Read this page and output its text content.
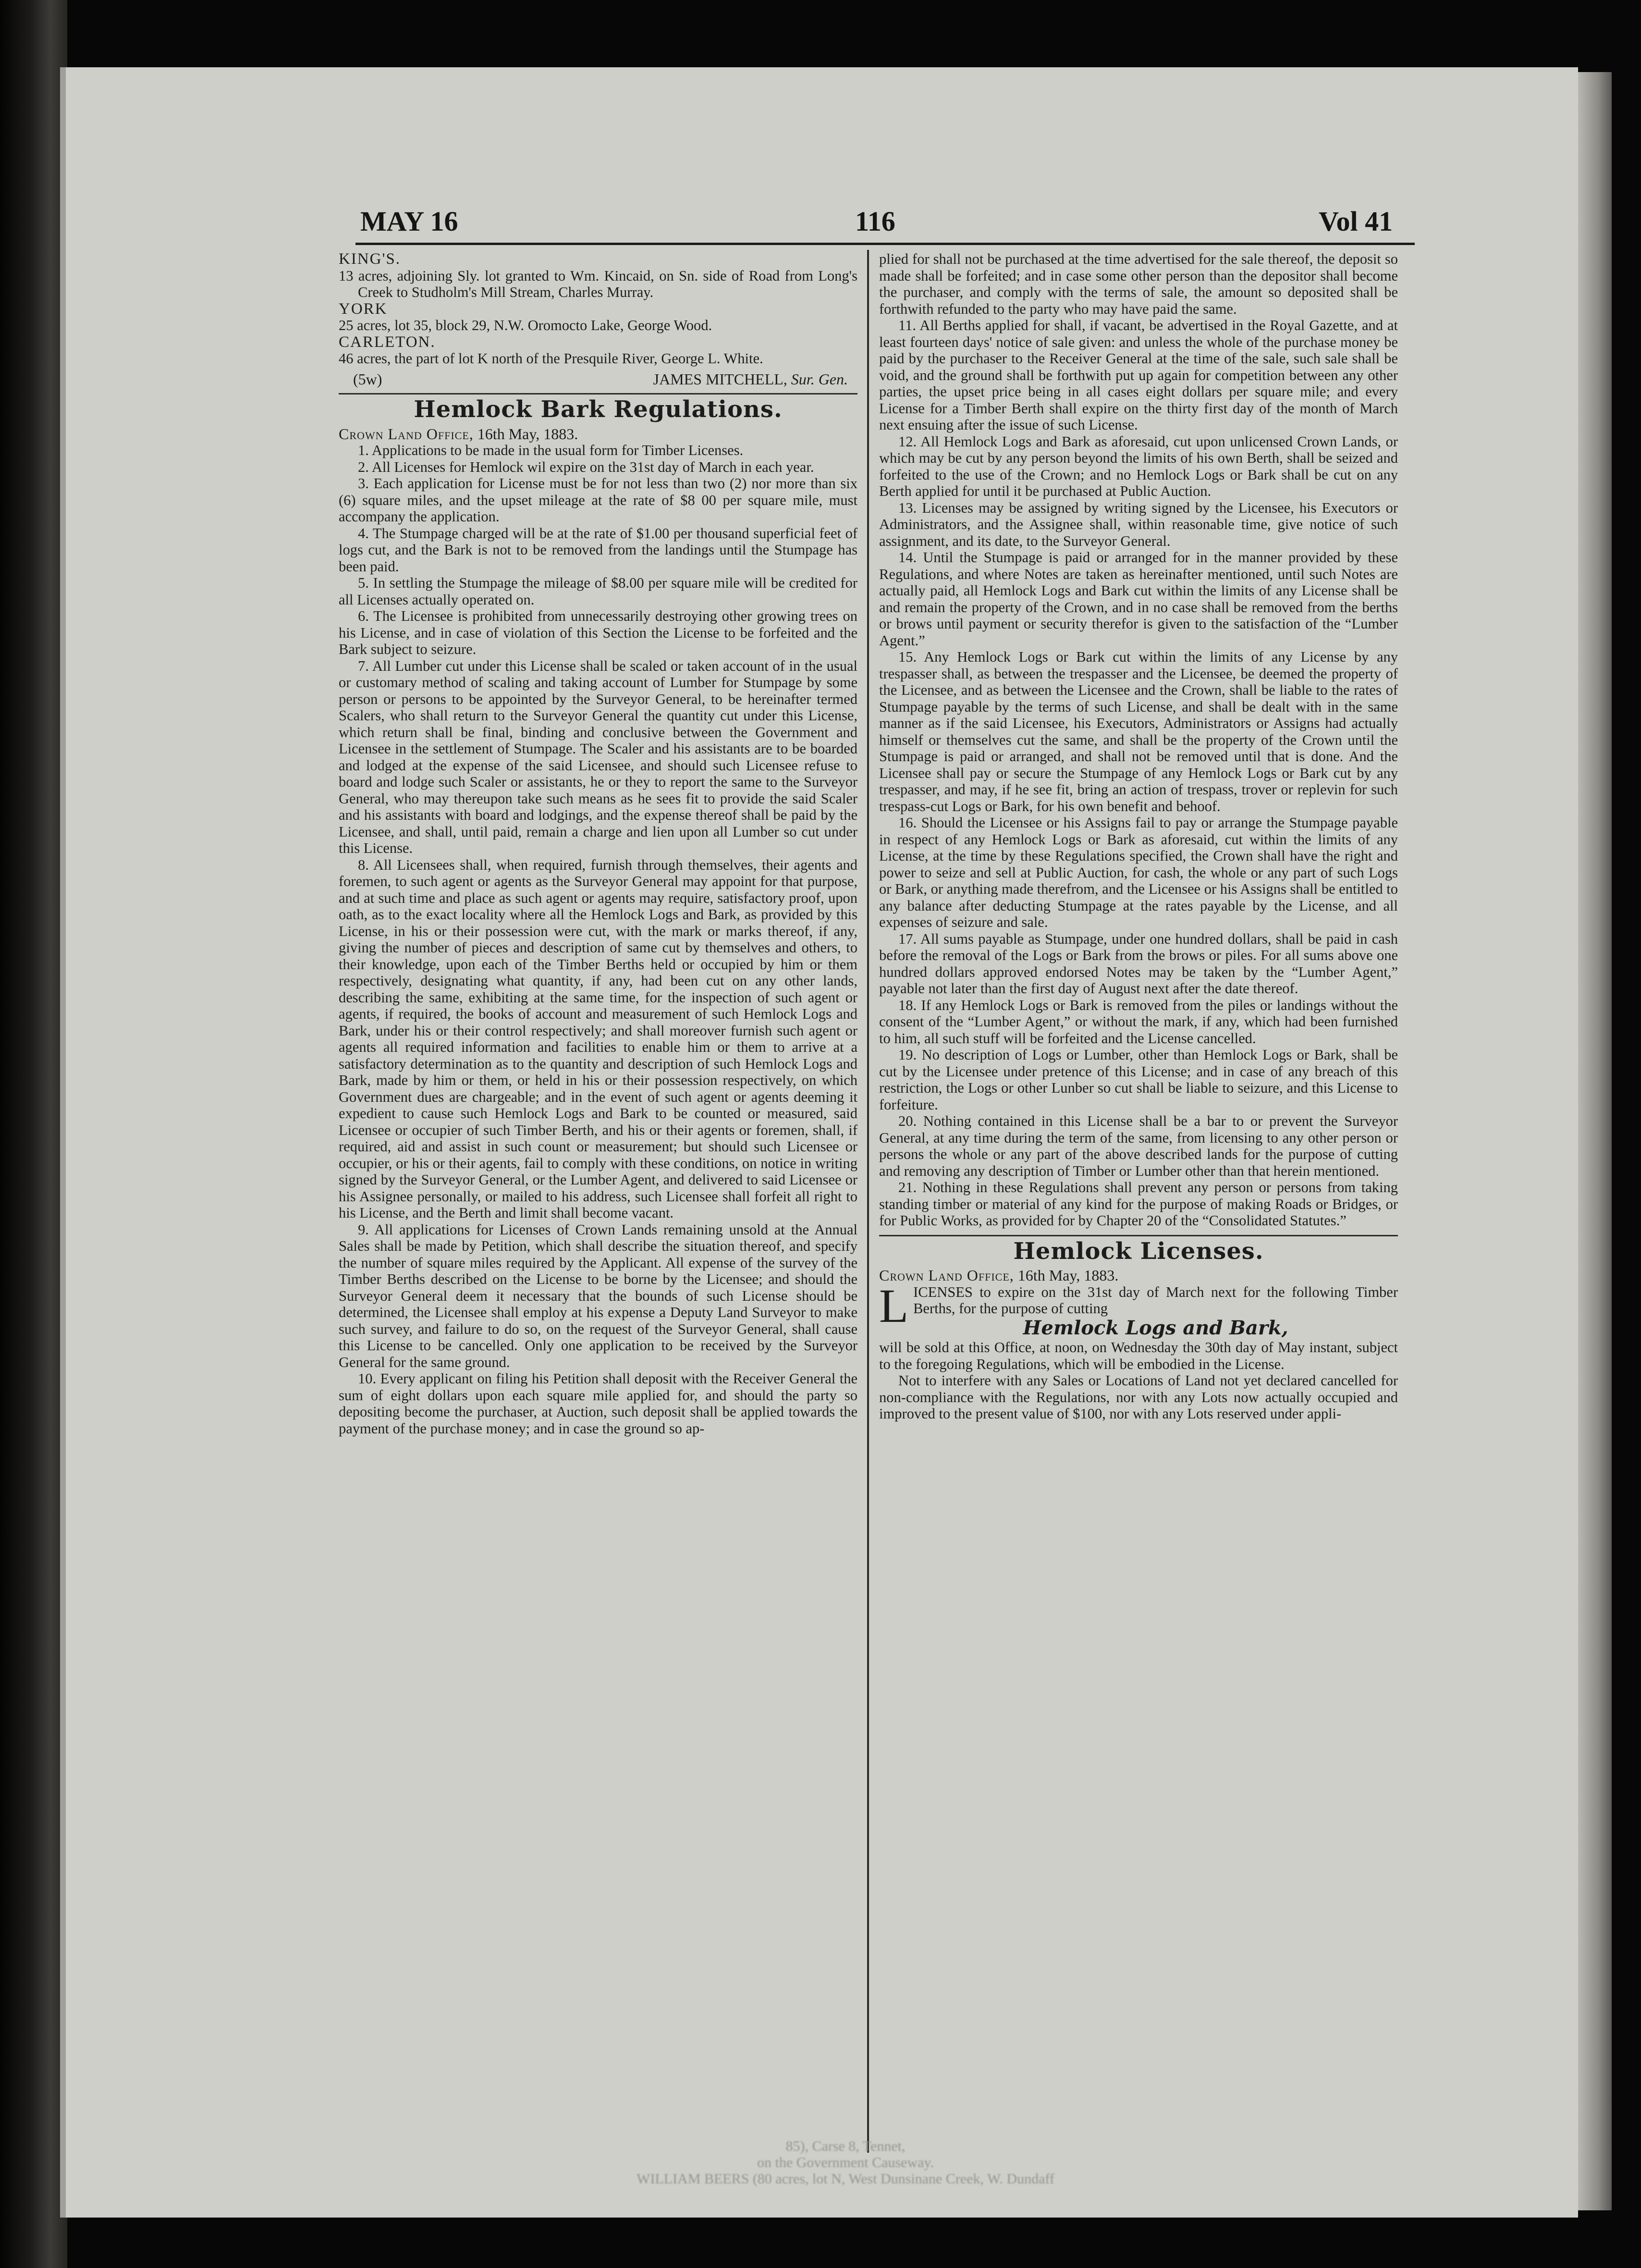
MAY 16	116	Vol 41

KING'S.

13 acres, adjoining Sly. lot granted to Wm. Kincaid, on Sn. side of Road from Long's Creek to Studholm's Mill Stream, Charles Murray.

YORK

25 acres, lot 35, block 29, N.W. Oromocto Lake, George Wood.

CARLETON.

46 acres, the part of lot K north of the Presquile River, George L. White.

(5w)	JAMES MITCHELL, Sur. Gen.
Hemlock Bark Regulations.

Crown Land Office, 16th May, 1883.

1. Applications to be made in the usual form for Timber Licenses.

2. All Licenses for Hemlock wil expire on the 31st day of March in each year.

3. Each application for License must be for not less than two (2) nor more than six (6) square miles, and the upset mileage at the rate of $8 00 per square mile, must accompany the application.

4. The Stumpage charged will be at the rate of $1.00 per thousand superficial feet of logs cut, and the Bark is not to be removed from the landings until the Stumpage has been paid.

5. In settling the Stumpage the mileage of $8.00 per square mile will be credited for all Licenses actually operated on.

6. The Licensee is prohibited from unnecessarily destroying other growing trees on his License, and in case of violation of this Section the License to be forfeited and the Bark subject to seizure.

7. All Lumber cut under this License shall be scaled or taken account of in the usual or customary method of scaling and taking account of Lumber for Stumpage by some person or persons to be appointed by the Surveyor General, to be hereinafter termed Scalers, who shall return to the Surveyor General the quantity cut under this License, which return shall be final, binding and conclusive between the Government and Licensee in the settlement of Stumpage. The Scaler and his assistants are to be boarded and lodged at the expense of the said Licensee, and should such Licensee refuse to board and lodge such Scaler or assistants, he or they to report the same to the Surveyor General, who may thereupon take such means as he sees fit to provide the said Scaler and his assistants with board and lodgings, and the expense thereof shall be paid by the Licensee, and shall, until paid, remain a charge and lien upon all Lumber so cut under this License.

8. All Licensees shall, when required, furnish through themselves, their agents and foremen, to such agent or agents as the Surveyor General may appoint for that purpose, and at such time and place as such agent or agents may require, satisfactory proof, upon oath, as to the exact locality where all the Hemlock Logs and Bark, as provided by this License, in his or their possession were cut, with the mark or marks thereof, if any, giving the number of pieces and description of same cut by themselves and others, to their knowledge, upon each of the Timber Berths held or occupied by him or them respectively, designating what quantity, if any, had been cut on any other lands, describing the same, exhibiting at the same time, for the inspection of such agent or agents, if required, the books of account and measurement of such Hemlock Logs and Bark, under his or their control respectively; and shall moreover furnish such agent or agents all required information and facilities to enable him or them to arrive at a satisfactory determination as to the quantity and description of such Hemlock Logs and Bark, made by him or them, or held in his or their possession respectively, on which Government dues are chargeable; and in the event of such agent or agents deeming it expedient to cause such Hemlock Logs and Bark to be counted or measured, said Licensee or occupier of such Timber Berth, and his or their agents or foremen, shall, if required, aid and assist in such count or measurement; but should such Licensee or occupier, or his or their agents, fail to comply with these conditions, on notice in writing signed by the Surveyor General, or the Lumber Agent, and delivered to said Licensee or his Assignee personally, or mailed to his address, such Licensee shall forfeit all right to his License, and the Berth and limit shall become vacant.

9. All applications for Licenses of Crown Lands remaining unsold at the Annual Sales shall be made by Petition, which shall describe the situation thereof, and specify the number of square miles required by the Applicant. All expense of the survey of the Timber Berths described on the License to be borne by the Licensee; and should the Surveyor General deem it necessary that the bounds of such License should be determined, the Licensee shall employ at his expense a Deputy Land Surveyor to make such survey, and failure to do so, on the request of the Surveyor General, shall cause this License to be cancelled. Only one application to be received by the Surveyor General for the same ground.

10. Every applicant on filing his Petition shall deposit with the Receiver General the sum of eight dollars upon each square mile applied for, and should the party so depositing become the purchaser, at Auction, such deposit shall be applied towards the payment of the purchase money; and in case the ground so ap-

plied for shall not be purchased at the time advertised for the sale thereof, the deposit so made shall be forfeited; and in case some other person than the depositor shall become the purchaser, and comply with the terms of sale, the amount so deposited shall be forthwith refunded to the party who may have paid the same.

11. All Berths applied for shall, if vacant, be advertised in the Royal Gazette, and at least fourteen days' notice of sale given: and unless the whole of the purchase money be paid by the purchaser to the Receiver General at the time of the sale, such sale shall be void, and the ground shall be forthwith put up again for competition between any other parties, the upset price being in all cases eight dollars per square mile; and every License for a Timber Berth shall expire on the thirty first day of the month of March next ensuing after the issue of such License.

12. All Hemlock Logs and Bark as aforesaid, cut upon unlicensed Crown Lands, or which may be cut by any person beyond the limits of his own Berth, shall be seized and forfeited to the use of the Crown; and no Hemlock Logs or Bark shall be cut on any Berth applied for until it be purchased at Public Auction.

13. Licenses may be assigned by writing signed by the Licensee, his Executors or Administrators, and the Assignee shall, within reasonable time, give notice of such assignment, and its date, to the Surveyor General.

14. Until the Stumpage is paid or arranged for in the manner provided by these Regulations, and where Notes are taken as hereinafter mentioned, until such Notes are actually paid, all Hemlock Logs and Bark cut within the limits of any License shall be and remain the property of the Crown, and in no case shall be removed from the berths or brows until payment or security therefor is given to the satisfaction of the “Lumber Agent.”

15. Any Hemlock Logs or Bark cut within the limits of any License by any trespasser shall, as between the trespasser and the Licensee, be deemed the property of the Licensee, and as between the Licensee and the Crown, shall be liable to the rates of Stumpage payable by the terms of such License, and shall be dealt with in the same manner as if the said Licensee, his Executors, Administrators or Assigns had actually himself or themselves cut the same, and shall be the property of the Crown until the Stumpage is paid or arranged, and shall not be removed until that is done. And the Licensee shall pay or secure the Stumpage of any Hemlock Logs or Bark cut by any trespasser, and may, if he see fit, bring an action of trespass, trover or replevin for such trespass-cut Logs or Bark, for his own benefit and behoof.

16. Should the Licensee or his Assigns fail to pay or arrange the Stumpage payable in respect of any Hemlock Logs or Bark as aforesaid, cut within the limits of any License, at the time by these Regulations specified, the Crown shall have the right and power to seize and sell at Public Auction, for cash, the whole or any part of such Logs or Bark, or anything made therefrom, and the Licensee or his Assigns shall be entitled to any balance after deducting Stumpage at the rates payable by the License, and all expenses of seizure and sale.

17. All sums payable as Stumpage, under one hundred dollars, shall be paid in cash before the removal of the Logs or Bark from the brows or piles. For all sums above one hundred dollars approved endorsed Notes may be taken by the “Lumber Agent,” payable not later than the first day of August next after the date thereof.

18. If any Hemlock Logs or Bark is removed from the piles or landings without the consent of the “Lumber Agent,” or without the mark, if any, which had been furnished to him, all such stuff will be forfeited and the License cancelled.

19. No description of Logs or Lumber, other than Hemlock Logs or Bark, shall be cut by the Licensee under pretence of this License; and in case of any breach of this restriction, the Logs or other Lunber so cut shall be liable to seizure, and this License to forfeiture.

20. Nothing contained in this License shall be a bar to or prevent the Surveyor General, at any time during the term of the same, from licensing to any other person or persons the whole or any part of the above described lands for the purpose of cutting and removing any description of Timber or Lumber other than that herein mentioned.

21. Nothing in these Regulations shall prevent any person or persons from taking standing timber or material of any kind for the purpose of making Roads or Bridges, or for Public Works, as provided for by Chapter 20 of the “Consolidated Statutes.”

Hemlock Licenses.

Crown Land Office, 16th May, 1883.

LICENSES to expire on the 31st day of March next for the following Timber Berths, for the purpose of cutting

Hemlock Logs and Bark,

will be sold at this Office, at noon, on Wednesday the 30th day of May instant, subject to the foregoing Regulations, which will be embodied in the License.

Not to interfere with any Sales or Locations of Land not yet declared cancelled for non-compliance with the Regulations, nor with any Lots now actually occupied and improved to the present value of $100, nor with any Lots reserved under appli-

85), Carse 8, Tennet,

on the Government Causeway.

WILLIAM BEERS (80 acres, lot N, West Dunsinane Creek, W. Dundaff
